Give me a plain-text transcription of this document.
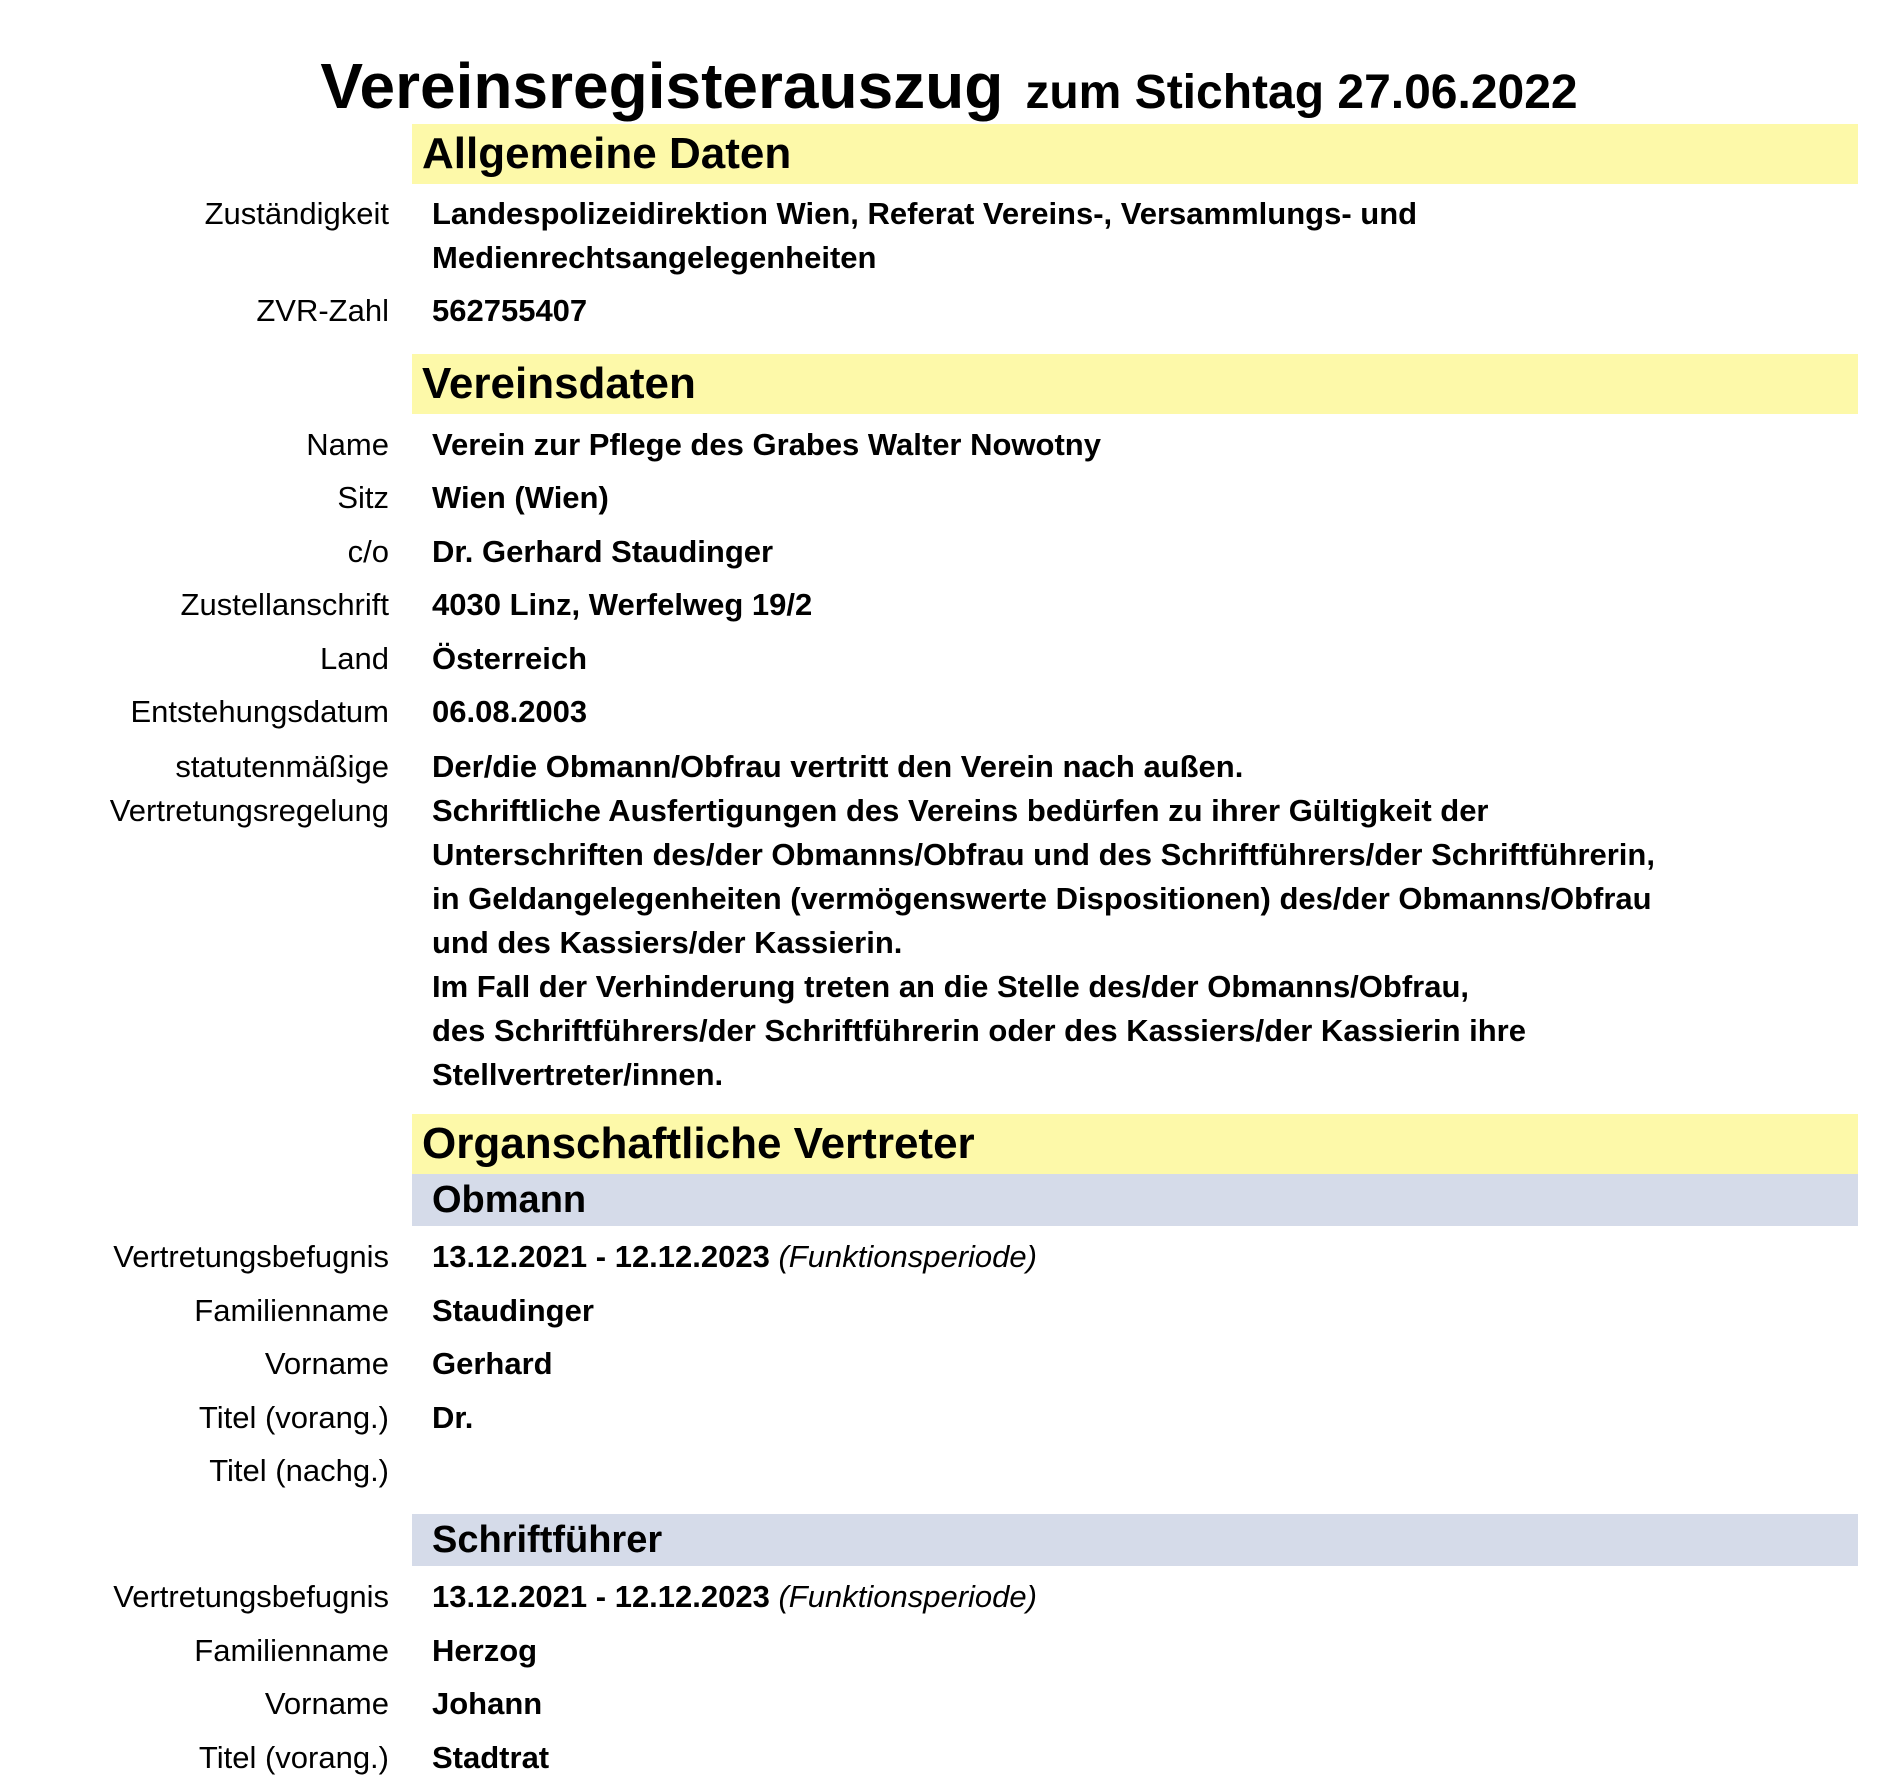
Vereinsregisterauszug zum Stichtag 27.06.2022
Allgemeine Daten
Zuständigkeit Landespolizeidirektion Wien, Referat Vereins-, Versammlungs- und
Medienrechtsangelegenheiten
ZVR-Zahl 562755407
Vereinsdaten
Name Verein zur Pflege des Grabes Walter Nowotny
Sitz Wien (Wien)
c/o Dr. Gerhard Staudinger
Zustellanschrift 4030 Linz, Werfelweg 19/2
Land Österreich
Entstehungsdatum 06.08.2003
statutenmäßige
Vertretungsregelung
Der/die Obmann/Obfrau vertritt den Verein nach außen.
Schriftliche Ausfertigungen des Vereins bedürfen zu ihrer Gültigkeit der
Unterschriften des/der Obmanns/Obfrau und des Schriftführers/der Schriftführerin,
in Geldangelegenheiten (vermögenswerte Dispositionen) des/der Obmanns/Obfrau
und des Kassiers/der Kassierin.
Im Fall der Verhinderung treten an die Stelle des/der Obmanns/Obfrau,
des Schriftführers/der Schriftführerin oder des Kassiers/der Kassierin ihre
Stellvertreter/innen.
Organschaftliche Vertreter
Obmann
Vertretungsbefugnis 13.12.2021 - 12.12.2023 (Funktionsperiode)
Familienname Staudinger
Vorname Gerhard
Titel (vorang.) Dr.
Titel (nachg.)
Schriftführer
Vertretungsbefugnis 13.12.2021 - 12.12.2023 (Funktionsperiode)
Familienname Herzog
Vorname Johann
Titel (vorang.) Stadtrat
